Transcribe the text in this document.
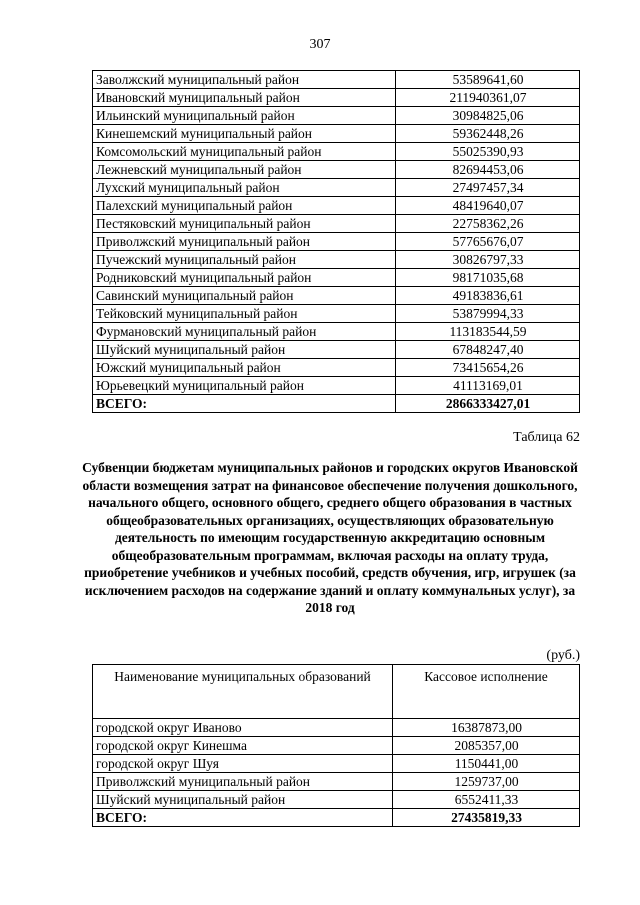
307
Заволжский муниципальный район	53589641,60
Ивановский муниципальный район	211940361,07
Ильинский муниципальный район	30984825,06
Кинешемский муниципальный район	59362448,26
Комсомольский муниципальный район	55025390,93
Лежневский муниципальный район	82694453,06
Лухский муниципальный район	27497457,34
Палехский муниципальный район	48419640,07
Пестяковский муниципальный район	22758362,26
Приволжский муниципальный район	57765676,07
Пучежский муниципальный район	30826797,33
Родниковский муниципальный район	98171035,68
Савинский муниципальный район	49183836,61
Тейковский муниципальный район	53879994,33
Фурмановский муниципальный район	113183544,59
Шуйский муниципальный район	67848247,40
Южский муниципальный район	73415654,26
Юрьевецкий муниципальный район	41113169,01
ВСЕГО:	2866333427,01
Таблица 62
Субвенции бюджетам муниципальных районов и городских округов Ивановской области возмещения затрат на финансовое обеспечение получения дошкольного, начального общего, основного общего, среднего общего образования в частных общеобразовательных организациях, осуществляющих образовательную деятельность по имеющим государственную аккредитацию основным общеобразовательным программам, включая расходы на оплату труда, приобретение учебников и учебных пособий, средств обучения, игр, игрушек (за исключением расходов на содержание зданий и оплату коммунальных услуг), за 2018 год
(руб.)
Наименование муниципальных образований	Кассовое исполнение
городской округ Иваново	16387873,00
городской округ Кинешма	2085357,00
городской округ Шуя	1150441,00
Приволжский муниципальный район	1259737,00
Шуйский муниципальный район	6552411,33
ВСЕГО:	27435819,33
